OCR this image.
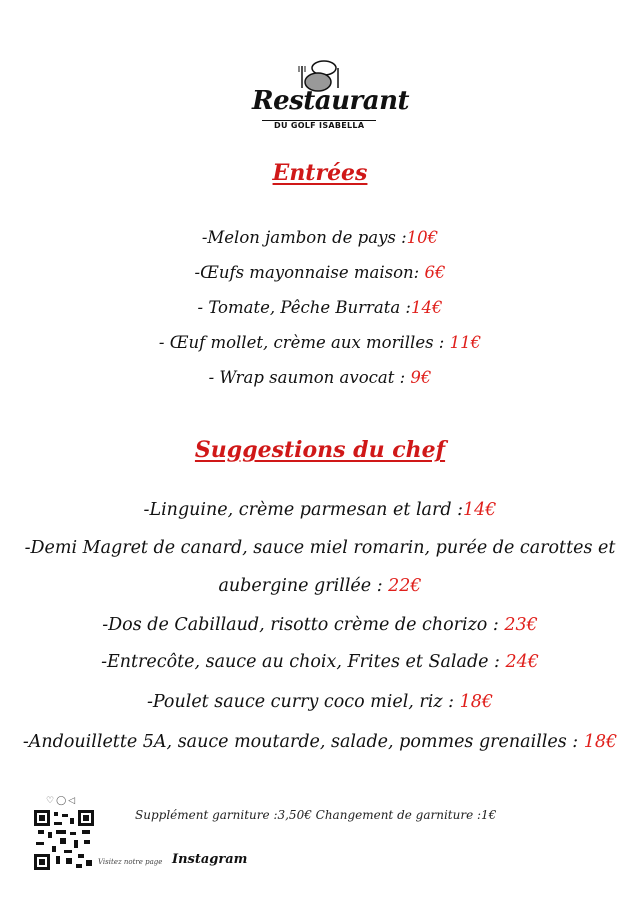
Restaurant
DU GOLF ISABELLA
Entrées
-Melon jambon de pays :10€
-Œufs mayonnaise maison: 6€
- Tomate, Pêche Burrata :14€
- Œuf mollet, crème aux morilles : 11€
- Wrap saumon avocat : 9€
Suggestions du chef
-Linguine, crème parmesan et lard :14€
-Demi Magret de canard, sauce miel romarin, purée de carottes et
aubergine grillée : 22€
-Dos de Cabillaud, risotto crème de chorizo : 23€
-Entrecôte, sauce au choix, Frites et Salade : 24€
-Poulet sauce curry coco miel, riz : 18€
-Andouillette 5A, sauce moutarde, salade, pommes grenailles : 18€
♡◯◁
Supplément garniture :3,50€ Changement de garniture :1€
Visitez notre page Instagram
